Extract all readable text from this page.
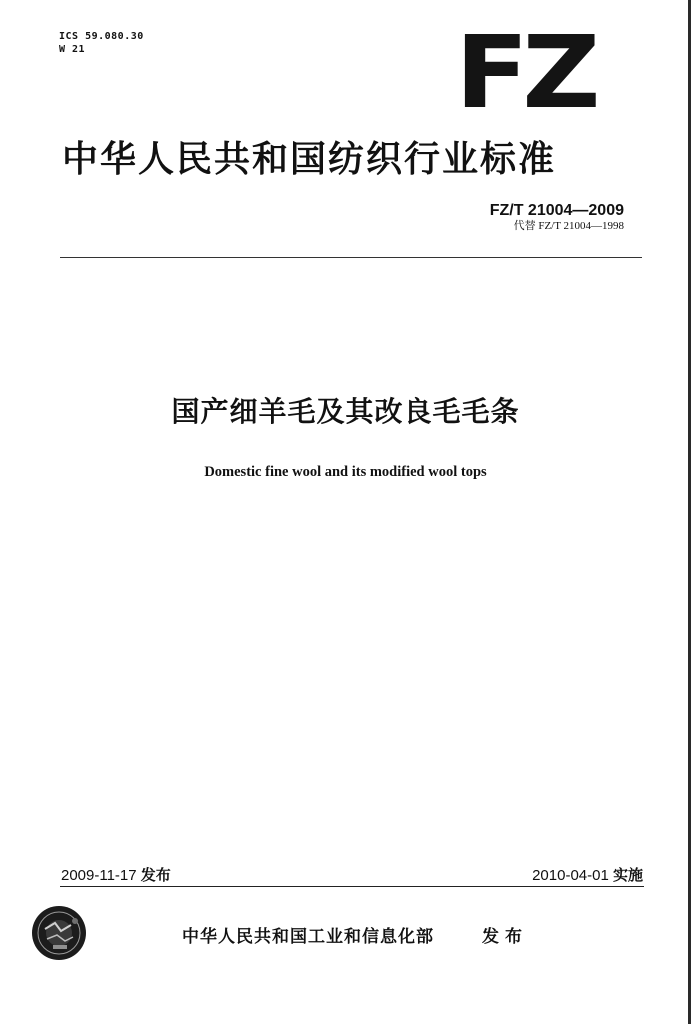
ICS 59.080.30
W 21	FZ
中华人民共和国纺织行业标准
FZ/T 21004—2009
代替 FZ/T 21004—1998
国产细羊毛及其改良毛毛条
Domestic fine wool and its modified wool tops
2009-11-17 发布	2010-04-01 实施
中华人民共和国工业和信息化部	发布
